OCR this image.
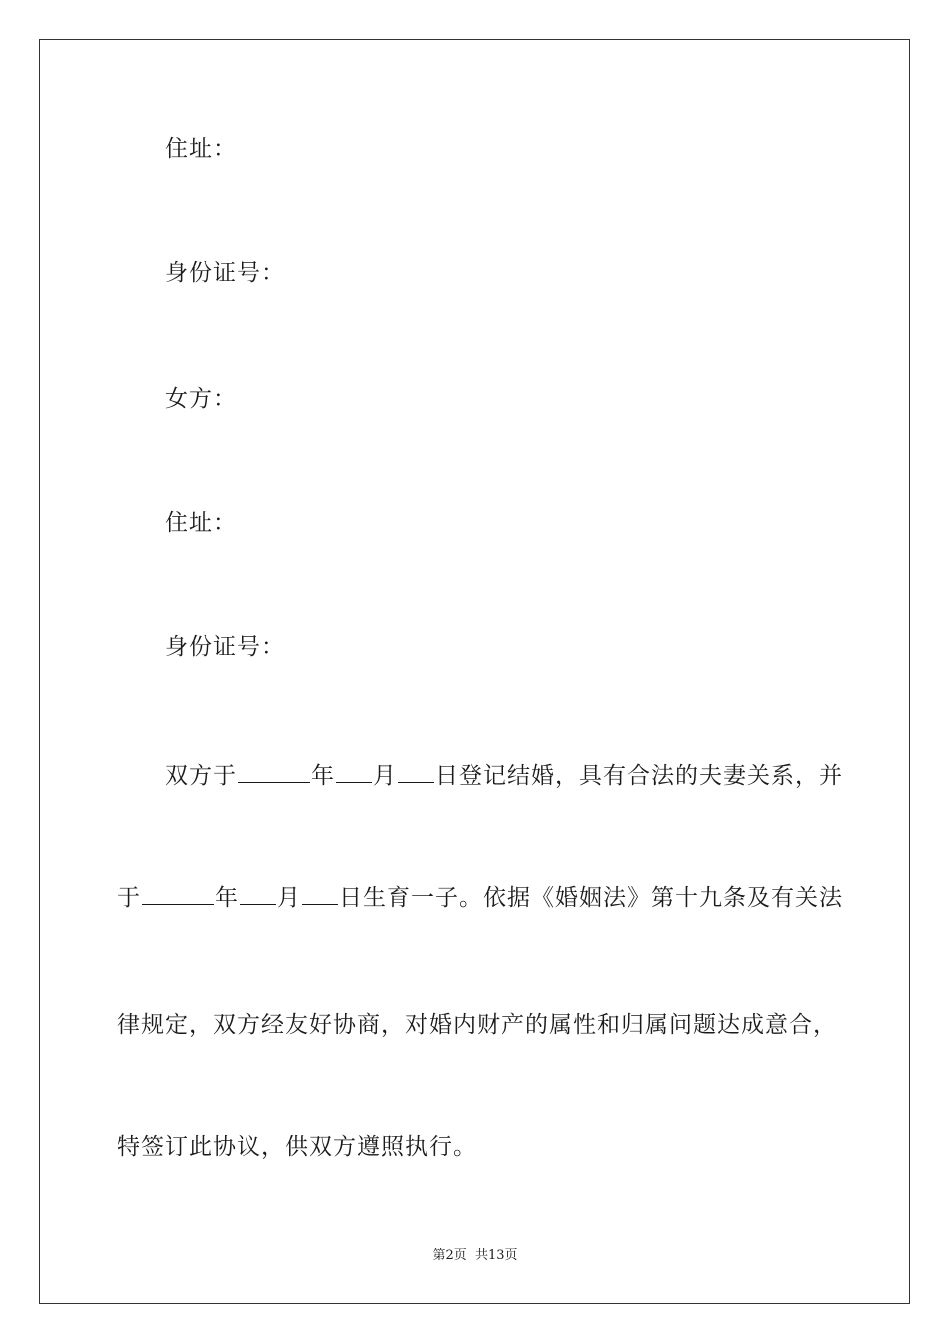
住址：
身份证号：
女方：
住址：
身份证号：
双方于	年 月 日登记结婚，具有合法的夫妻关系，并
于	年 月 日生育一子。依据《婚姻法》第十九条及有关法
律规定，双方经友好协商，对婚内财产的属性和归属问题达成意合，
特签订此协议，供双方遵照执行。
第2页 共13页
